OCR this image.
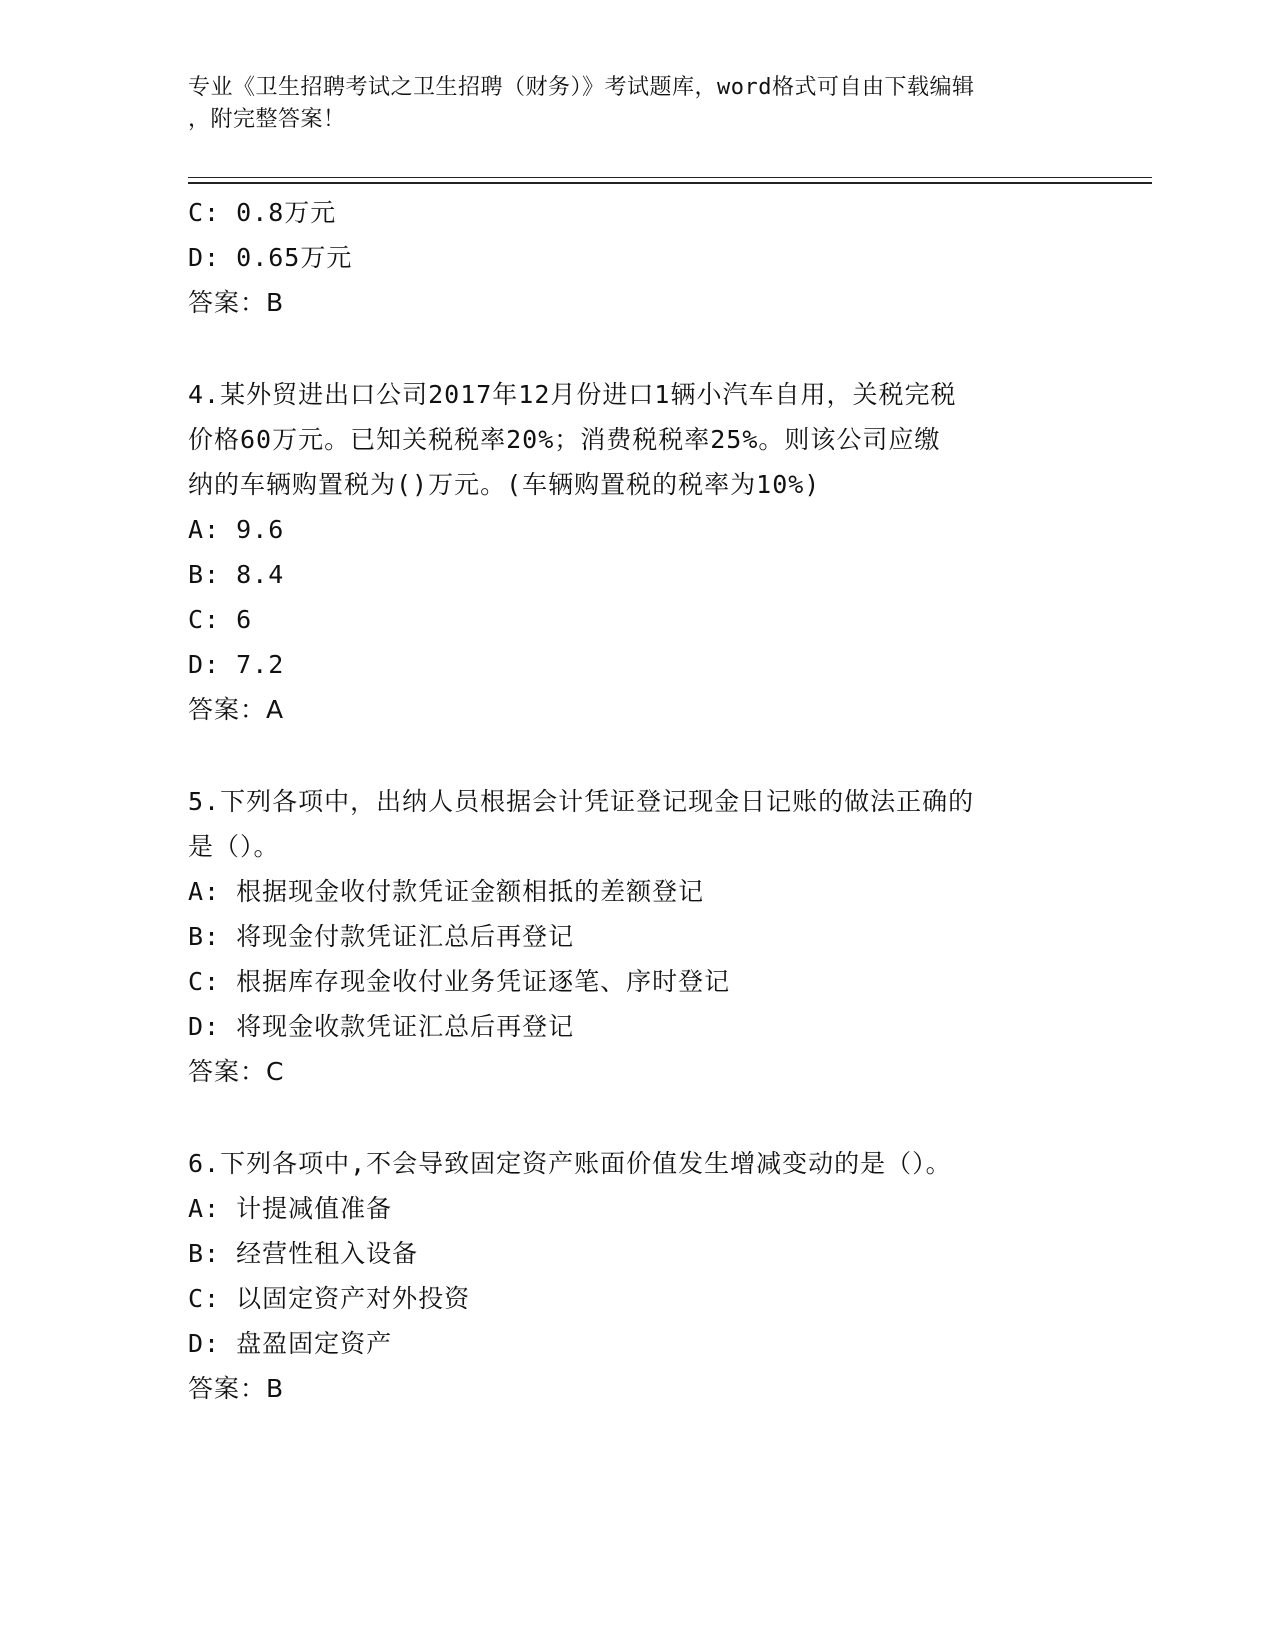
专业《卫生招聘考试之卫生招聘（财务）》考试题库，word格式可自由下载编辑
，附完整答案！
C: 0.8万元
D: 0.65万元
答案：B
4.某外贸进出口公司2017年12月份进口1辆小汽车自用，关税完税
价格60万元。已知关税税率20%；消费税税率25%。则该公司应缴
纳的车辆购置税为()万元。(车辆购置税的税率为10%)
A: 9.6
B: 8.4
C: 6
D: 7.2
答案：A
5.下列各项中，出纳人员根据会计凭证登记现金日记账的做法正确的
是（）。
A: 根据现金收付款凭证金额相抵的差额登记
B: 将现金付款凭证汇总后再登记
C: 根据库存现金收付业务凭证逐笔、序时登记
D: 将现金收款凭证汇总后再登记
答案：C
6.下列各项中,不会导致固定资产账面价值发生增减变动的是（）。
A: 计提减值准备
B: 经营性租入设备
C: 以固定资产对外投资
D: 盘盈固定资产
答案：B
